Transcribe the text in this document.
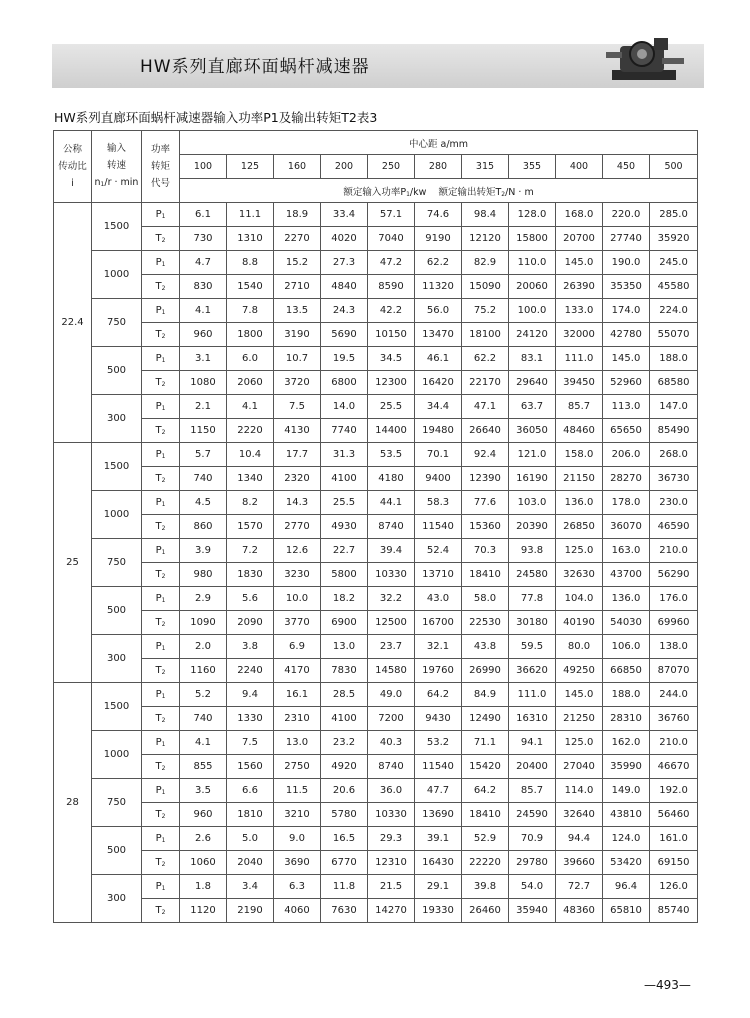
HW系列直廊环面蜗杆减速器
HW系列直廊环面蜗杆减速器输入功率P1及输出转矩T2表3
公称
传动比
i	输入
转速
$n_1/r \cdot \min$	功率
转矩
代号	中心距 a/mm										
			100	125	160	200	250	280	315	355	400	450	500
			额定输入功率$P_1/kw$    额定输出转矩$T_2/N \cdot m$										
22.4	1500	$P_1$	6.1	11.1	18.9	33.4	57.1	74.6	98.4	128.0	168.0	220.0	285.0
		$T_2$	730	1310	2270	4020	7040	9190	12120	15800	20700	27740	35920
	1000	$P_1$	4.7	8.8	15.2	27.3	47.2	62.2	82.9	110.0	145.0	190.0	245.0
		$T_2$	830	1540	2710	4840	8590	11320	15090	20060	26390	35350	45580
	750	$P_1$	4.1	7.8	13.5	24.3	42.2	56.0	75.2	100.0	133.0	174.0	224.0
		$T_2$	960	1800	3190	5690	10150	13470	18100	24120	32000	42780	55070
	500	$P_1$	3.1	6.0	10.7	19.5	34.5	46.1	62.2	83.1	111.0	145.0	188.0
		$T_2$	1080	2060	3720	6800	12300	16420	22170	29640	39450	52960	68580
	300	$P_1$	2.1	4.1	7.5	14.0	25.5	34.4	47.1	63.7	85.7	113.0	147.0
		$T_2$	1150	2220	4130	7740	14400	19480	26640	36050	48460	65650	85490
25	1500	$P_1$	5.7	10.4	17.7	31.3	53.5	70.1	92.4	121.0	158.0	206.0	268.0
		$T_2$	740	1340	2320	4100	4180	9400	12390	16190	21150	28270	36730
	1000	$P_1$	4.5	8.2	14.3	25.5	44.1	58.3	77.6	103.0	136.0	178.0	230.0
		$T_2$	860	1570	2770	4930	8740	11540	15360	20390	26850	36070	46590
	750	$P_1$	3.9	7.2	12.6	22.7	39.4	52.4	70.3	93.8	125.0	163.0	210.0
		$T_2$	980	1830	3230	5800	10330	13710	18410	24580	32630	43700	56290
	500	$P_1$	2.9	5.6	10.0	18.2	32.2	43.0	58.0	77.8	104.0	136.0	176.0
		$T_2$	1090	2090	3770	6900	12500	16700	22530	30180	40190	54030	69960
	300	$P_1$	2.0	3.8	6.9	13.0	23.7	32.1	43.8	59.5	80.0	106.0	138.0
		$T_2$	1160	2240	4170	7830	14580	19760	26990	36620	49250	66850	87070
28	1500	$P_1$	5.2	9.4	16.1	28.5	49.0	64.2	84.9	111.0	145.0	188.0	244.0
		$T_2$	740	1330	2310	4100	7200	9430	12490	16310	21250	28310	36760
	1000	$P_1$	4.1	7.5	13.0	23.2	40.3	53.2	71.1	94.1	125.0	162.0	210.0
		$T_2$	855	1560	2750	4920	8740	11540	15420	20400	27040	35990	46670
	750	$P_1$	3.5	6.6	11.5	20.6	36.0	47.7	64.2	85.7	114.0	149.0	192.0
		$T_2$	960	1810	3210	5780	10330	13690	18410	24590	32640	43810	56460
	500	$P_1$	2.6	5.0	9.0	16.5	29.3	39.1	52.9	70.9	94.4	124.0	161.0
		$T_2$	1060	2040	3690	6770	12310	16430	22220	29780	39660	53420	69150
	300	$P_1$	1.8	3.4	6.3	11.8	21.5	29.1	39.8	54.0	72.7	96.4	126.0
		$T_2$	1120	2190	4060	7630	14270	19330	26460	35940	48360	65810	85740
—493—
